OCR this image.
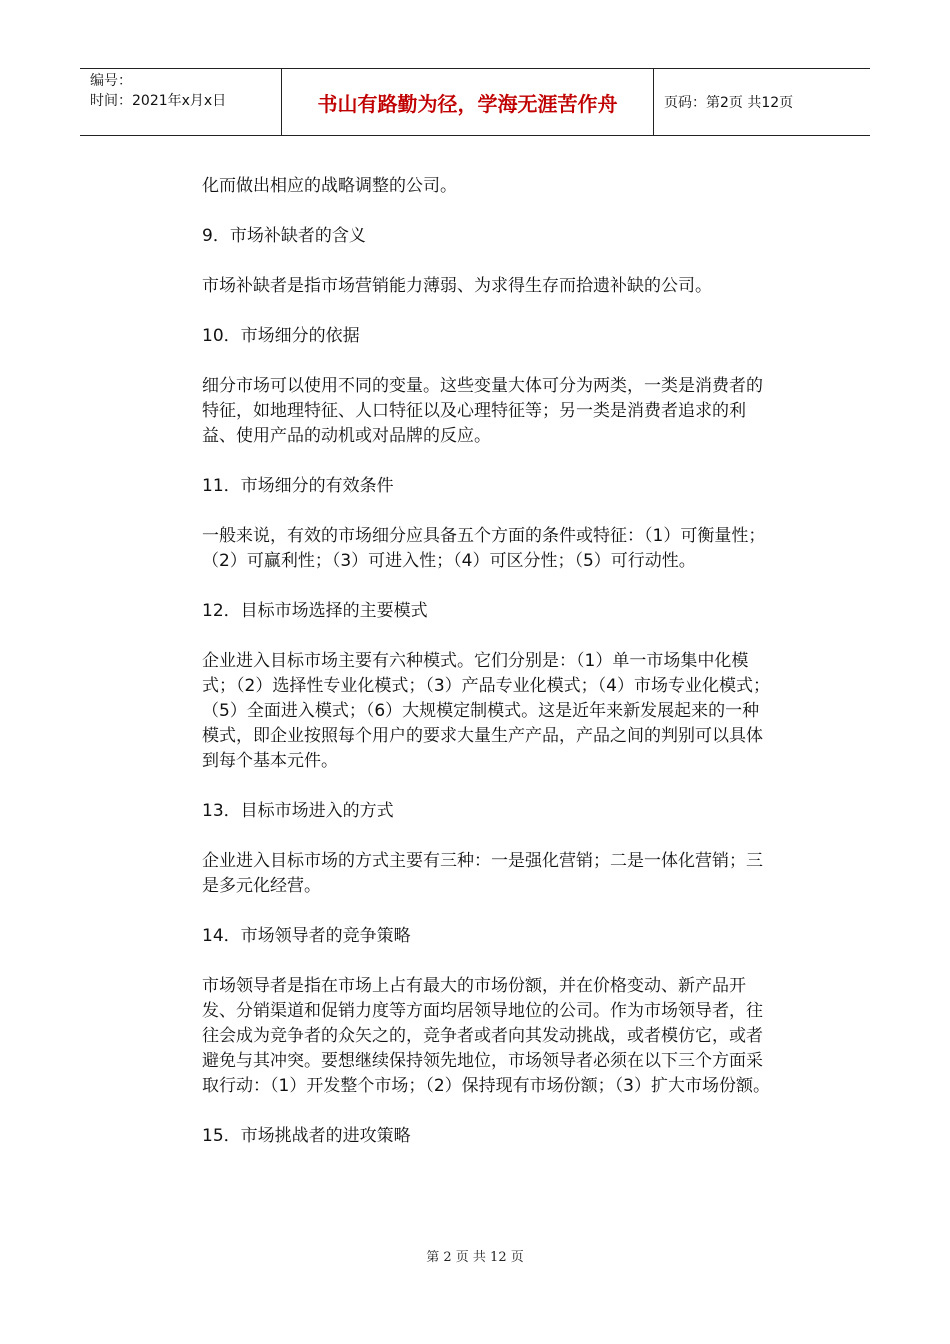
编号：
时间：2021年x月x日	书山有路勤为径，学海无涯苦作舟	页码：第2页 共12页
化而做出相应的战略调整的公司。
9．市场补缺者的含义
市场补缺者是指市场营销能力薄弱、为求得生存而拾遗补缺的公司。
10．市场细分的依据
细分市场可以使用不同的变量。这些变量大体可分为两类，一类是消费者的特征，如地理特征、人口特征以及心理特征等；另一类是消费者追求的利益、使用产品的动机或对品牌的反应。
11．市场细分的有效条件
一般来说，有效的市场细分应具备五个方面的条件或特征：（1）可衡量性；（2）可赢利性；（3）可进入性；（4）可区分性；（5）可行动性。
12．目标市场选择的主要模式
企业进入目标市场主要有六种模式。它们分别是：（1）单一市场集中化模式；（2）选择性专业化模式；（3）产品专业化模式；（4）市场专业化模式；（5）全面进入模式；（6）大规模定制模式。这是近年来新发展起来的一种模式，即企业按照每个用户的要求大量生产产品，产品之间的判别可以具体到每个基本元件。
13．目标市场进入的方式
企业进入目标市场的方式主要有三种：一是强化营销；二是一体化营销；三是多元化经营。
14．市场领导者的竞争策略
市场领导者是指在市场上占有最大的市场份额，并在价格变动、新产品开发、分销渠道和促销力度等方面均居领导地位的公司。作为市场领导者，往往会成为竞争者的众矢之的，竞争者或者向其发动挑战，或者模仿它，或者避免与其冲突。要想继续保持领先地位，市场领导者必须在以下三个方面采取行动：（1）开发整个市场；（2）保持现有市场份额；（3）扩大市场份额。
15．市场挑战者的进攻策略
第 2 页 共 12 页
